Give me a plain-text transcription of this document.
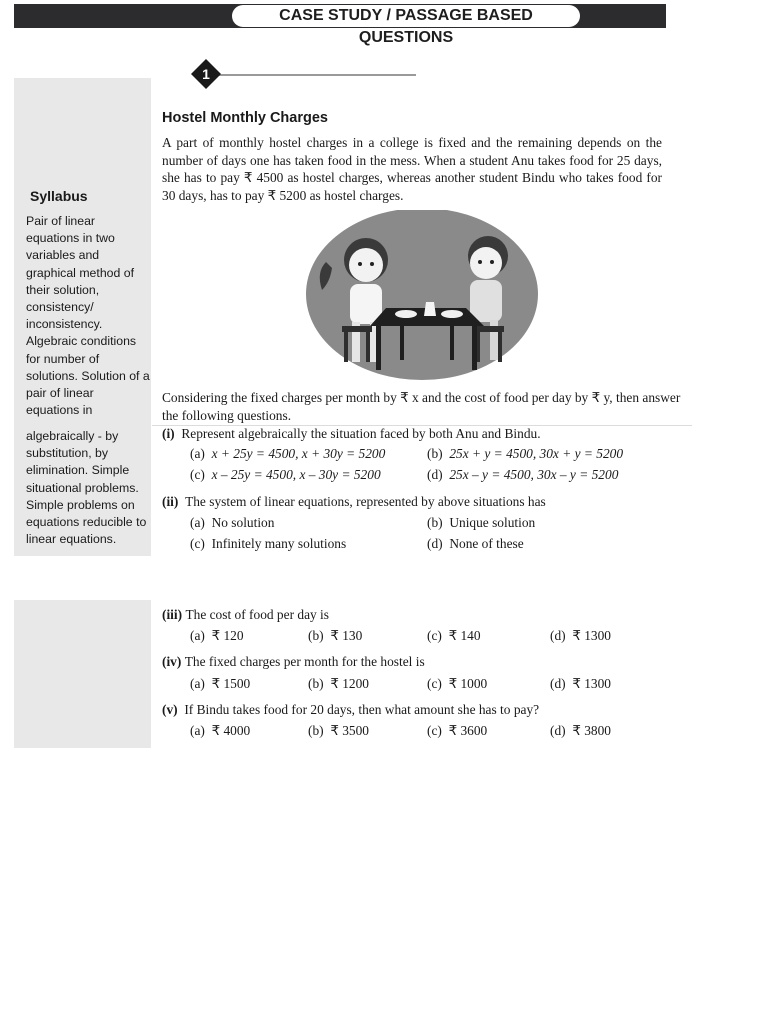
CASE STUDY / PASSAGE BASED QUESTIONS
Syllabus
Pair of linear equations in two variables and graphical method of their solution, consistency/ inconsistency. Algebraic conditions for number of solutions. Solution of a pair of linear equations in
algebraically - by substitution, by elimination. Simple situational problems. Simple problems on equations reducible to linear equations.
1
Hostel Monthly Charges
A part of monthly hostel charges in a college is fixed and the remaining depends on the number of days one has taken food in the mess. When a student Anu takes food for 25 days, she has to pay ₹ 4500 as hostel charges, whereas another student Bindu who takes food for 30 days, has to pay ₹ 5200 as hostel charges.
Considering the fixed charges per month by ₹ x and the cost of food per day by ₹ y, then answer the following questions.
(i) Represent algebraically the situation faced by both Anu and Bindu.
(a) x + 25y = 4500, x + 30y = 5200	(b) 25x + y = 4500, 30x + y = 5200
(c) x – 25y = 4500, x – 30y = 5200	(d) 25x – y = 4500, 30x – y = 5200
(ii) The system of linear equations, represented by above situations has
(a) No solution	(b) Unique solution
(c) Infinitely many solutions	(d) None of these
(iii) The cost of food per day is
(a) ₹ 120	(b) ₹ 130	(c) ₹ 140	(d) ₹ 1300
(iv) The fixed charges per month for the hostel is
(a) ₹ 1500	(b) ₹ 1200	(c) ₹ 1000	(d) ₹ 1300
(v) If Bindu takes food for 20 days, then what amount she has to pay?
(a) ₹ 4000	(b) ₹ 3500	(c) ₹ 3600	(d) ₹ 3800
